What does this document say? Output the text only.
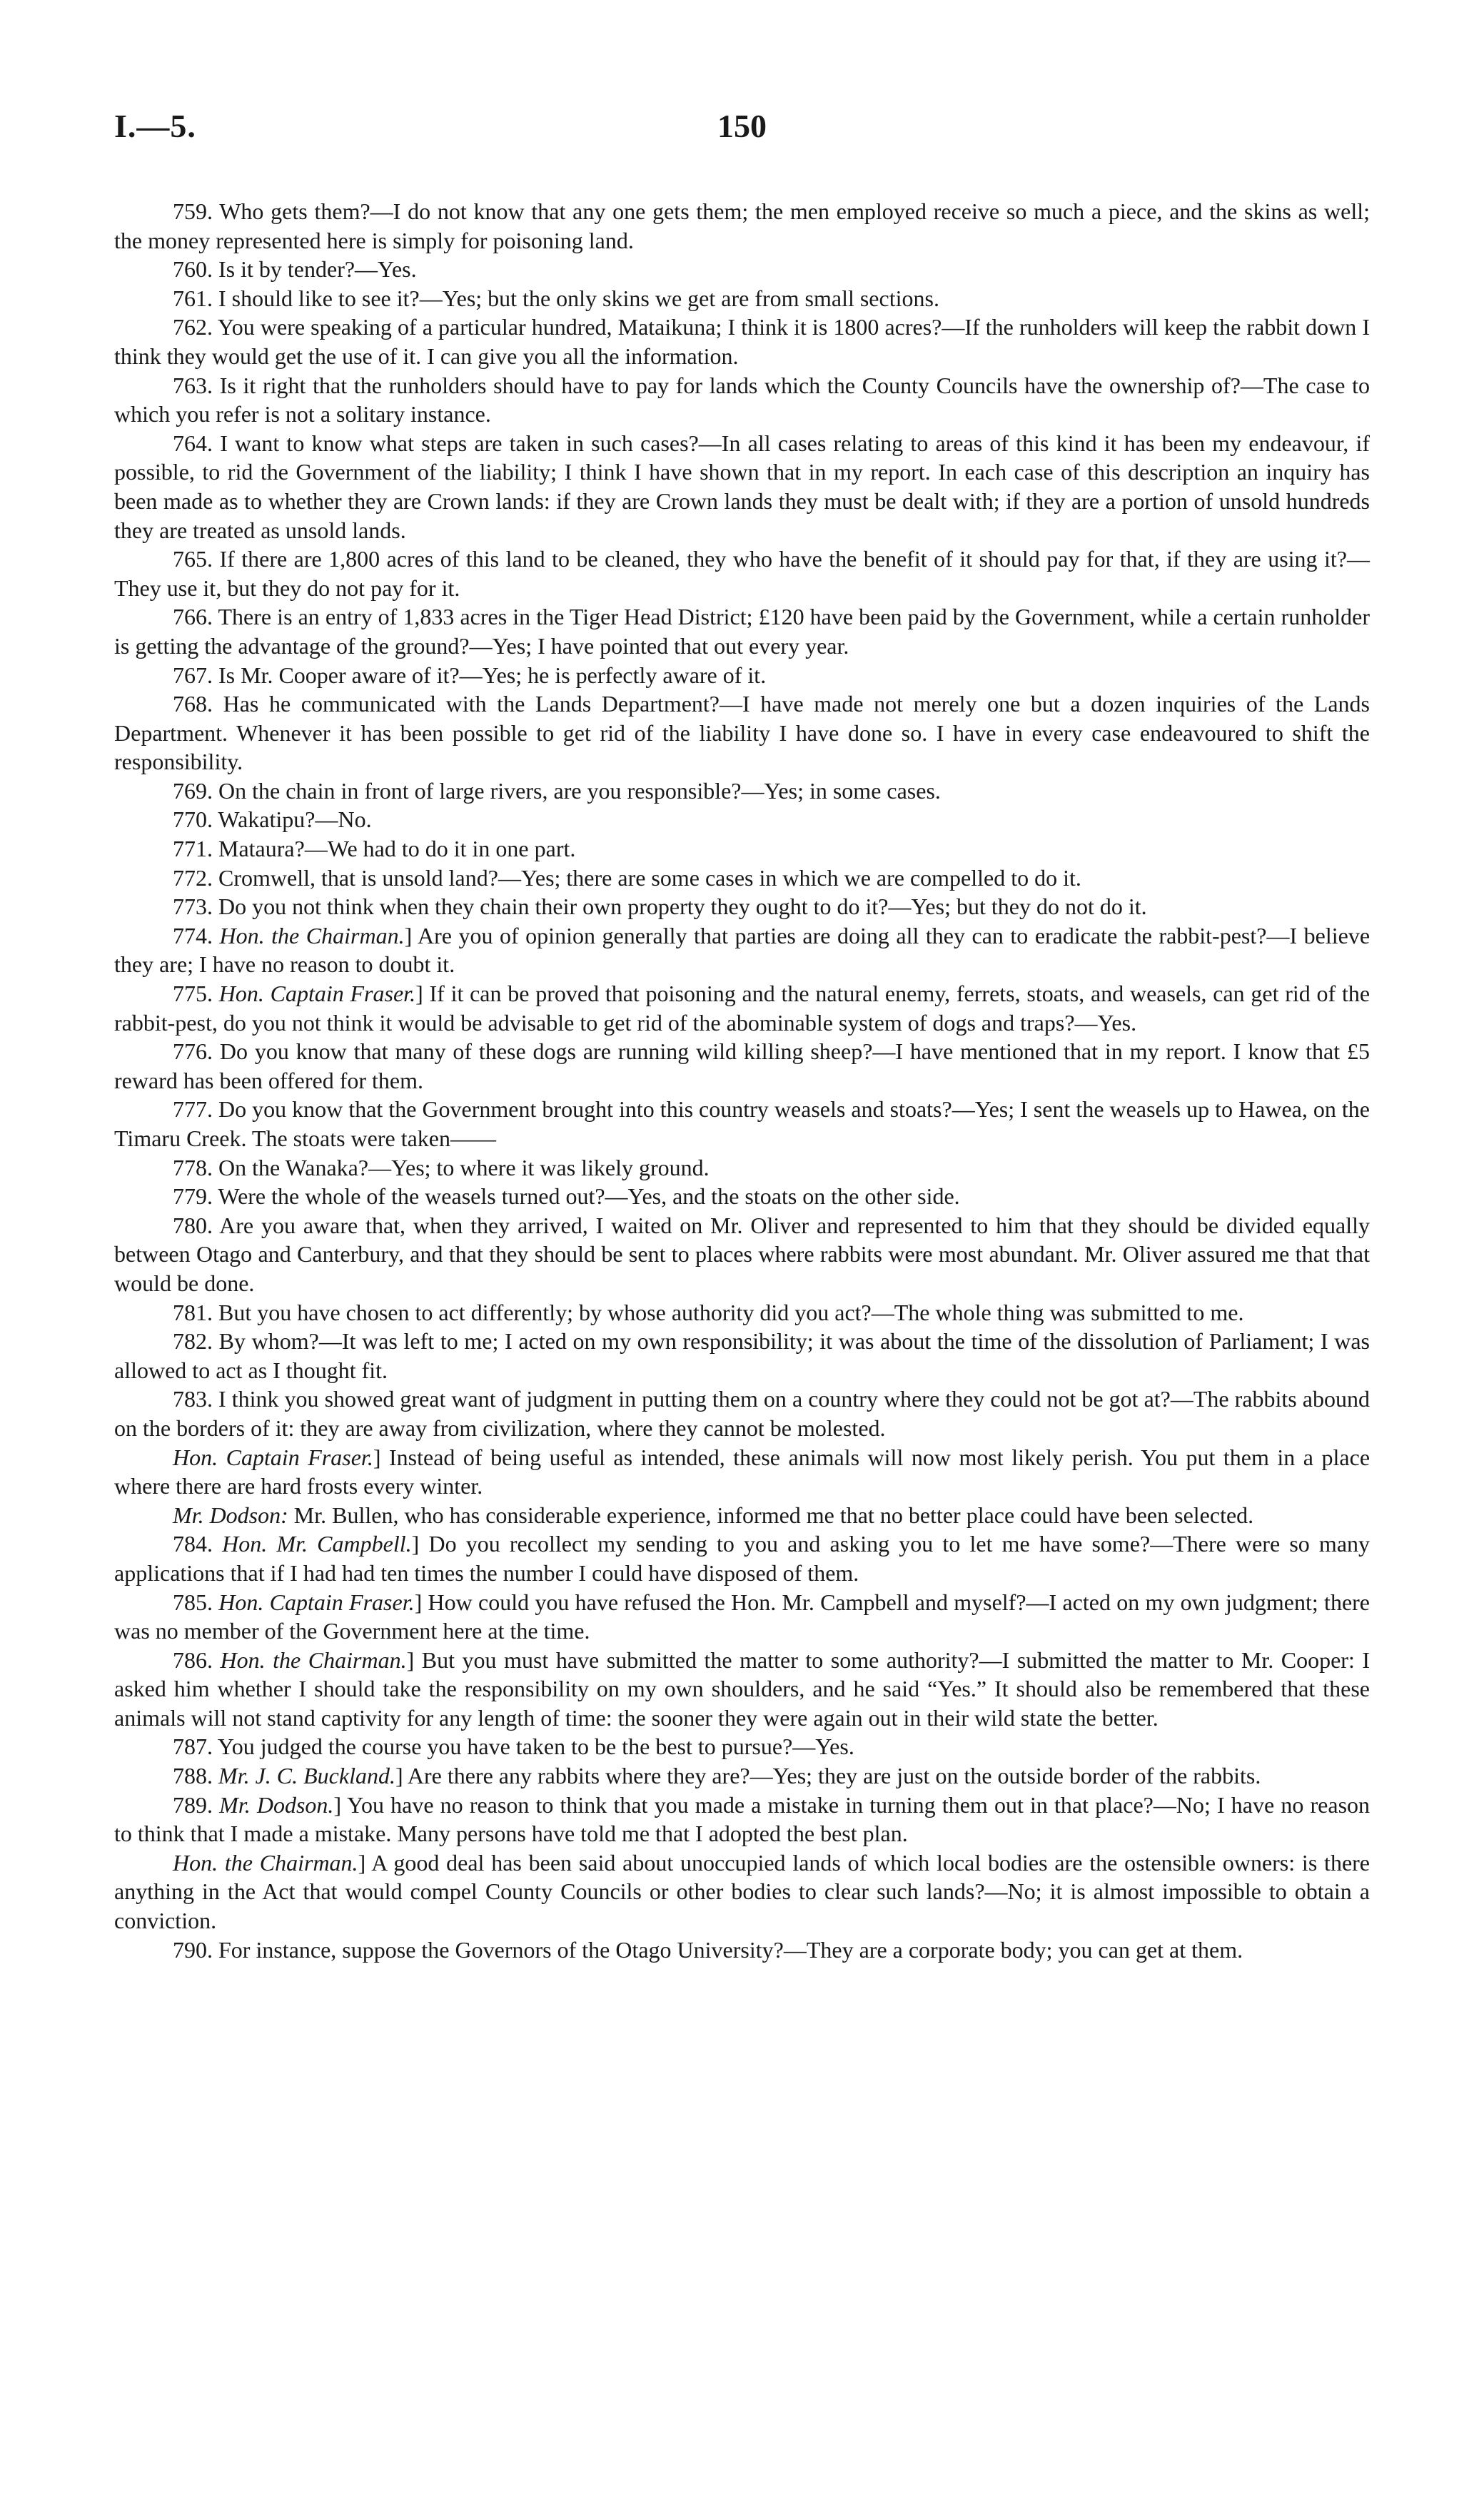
I.—5.	150

759. Who gets them?—I do not know that any one gets them; the men employed receive so much a piece, and the skins as well; the money represented here is simply for poisoning land.

760. Is it by tender?—Yes.

761. I should like to see it?—Yes; but the only skins we get are from small sections.

762. You were speaking of a particular hundred, Mataikuna; I think it is 1800 acres?—If the runholders will keep the rabbit down I think they would get the use of it. I can give you all the information.

763. Is it right that the runholders should have to pay for lands which the County Councils have the ownership of?—The case to which you refer is not a solitary instance.

764. I want to know what steps are taken in such cases?—In all cases relating to areas of this kind it has been my endeavour, if possible, to rid the Government of the liability; I think I have shown that in my report. In each case of this description an inquiry has been made as to whether they are Crown lands: if they are Crown lands they must be dealt with; if they are a portion of unsold hundreds they are treated as unsold lands.

765. If there are 1,800 acres of this land to be cleaned, they who have the benefit of it should pay for that, if they are using it?—They use it, but they do not pay for it.

766. There is an entry of 1,833 acres in the Tiger Head District; £120 have been paid by the Government, while a certain runholder is getting the advantage of the ground?—Yes; I have pointed that out every year.

767. Is Mr. Cooper aware of it?—Yes; he is perfectly aware of it.

768. Has he communicated with the Lands Department?—I have made not merely one but a dozen inquiries of the Lands Department. Whenever it has been possible to get rid of the liability I have done so. I have in every case endeavoured to shift the responsibility.

769. On the chain in front of large rivers, are you responsible?—Yes; in some cases.

770. Wakatipu?—No.

771. Mataura?—We had to do it in one part.

772. Cromwell, that is unsold land?—Yes; there are some cases in which we are compelled to do it.

773. Do you not think when they chain their own property they ought to do it?—Yes; but they do not do it.

774. Hon. the Chairman.] Are you of opinion generally that parties are doing all they can to eradicate the rabbit-pest?—I believe they are; I have no reason to doubt it.

775. Hon. Captain Fraser.] If it can be proved that poisoning and the natural enemy, ferrets, stoats, and weasels, can get rid of the rabbit-pest, do you not think it would be advisable to get rid of the abominable system of dogs and traps?—Yes.

776. Do you know that many of these dogs are running wild killing sheep?—I have mentioned that in my report. I know that £5 reward has been offered for them.

777. Do you know that the Government brought into this country weasels and stoats?—Yes; I sent the weasels up to Hawea, on the Timaru Creek. The stoats were taken——

778. On the Wanaka?—Yes; to where it was likely ground.

779. Were the whole of the weasels turned out?—Yes, and the stoats on the other side.

780. Are you aware that, when they arrived, I waited on Mr. Oliver and represented to him that they should be divided equally between Otago and Canterbury, and that they should be sent to places where rabbits were most abundant. Mr. Oliver assured me that that would be done.

781. But you have chosen to act differently; by whose authority did you act?—The whole thing was submitted to me.

782. By whom?—It was left to me; I acted on my own responsibility; it was about the time of the dissolution of Parliament; I was allowed to act as I thought fit.

783. I think you showed great want of judgment in putting them on a country where they could not be got at?—The rabbits abound on the borders of it: they are away from civilization, where they cannot be molested.

Hon. Captain Fraser.] Instead of being useful as intended, these animals will now most likely perish. You put them in a place where there are hard frosts every winter.

Mr. Dodson: Mr. Bullen, who has considerable experience, informed me that no better place could have been selected.

784. Hon. Mr. Campbell.] Do you recollect my sending to you and asking you to let me have some?—There were so many applications that if I had had ten times the number I could have disposed of them.

785. Hon. Captain Fraser.] How could you have refused the Hon. Mr. Campbell and myself?—I acted on my own judgment; there was no member of the Government here at the time.

786. Hon. the Chairman.] But you must have submitted the matter to some authority?—I submitted the matter to Mr. Cooper: I asked him whether I should take the responsibility on my own shoulders, and he said “Yes.” It should also be remembered that these animals will not stand captivity for any length of time: the sooner they were again out in their wild state the better.

787. You judged the course you have taken to be the best to pursue?—Yes.

788. Mr. J. C. Buckland.] Are there any rabbits where they are?—Yes; they are just on the outside border of the rabbits.

789. Mr. Dodson.] You have no reason to think that you made a mistake in turning them out in that place?—No; I have no reason to think that I made a mistake. Many persons have told me that I adopted the best plan.

Hon. the Chairman.] A good deal has been said about unoccupied lands of which local bodies are the ostensible owners: is there anything in the Act that would compel County Councils or other bodies to clear such lands?—No; it is almost impossible to obtain a conviction.

790. For instance, suppose the Governors of the Otago University?—They are a corporate body; you can get at them.
